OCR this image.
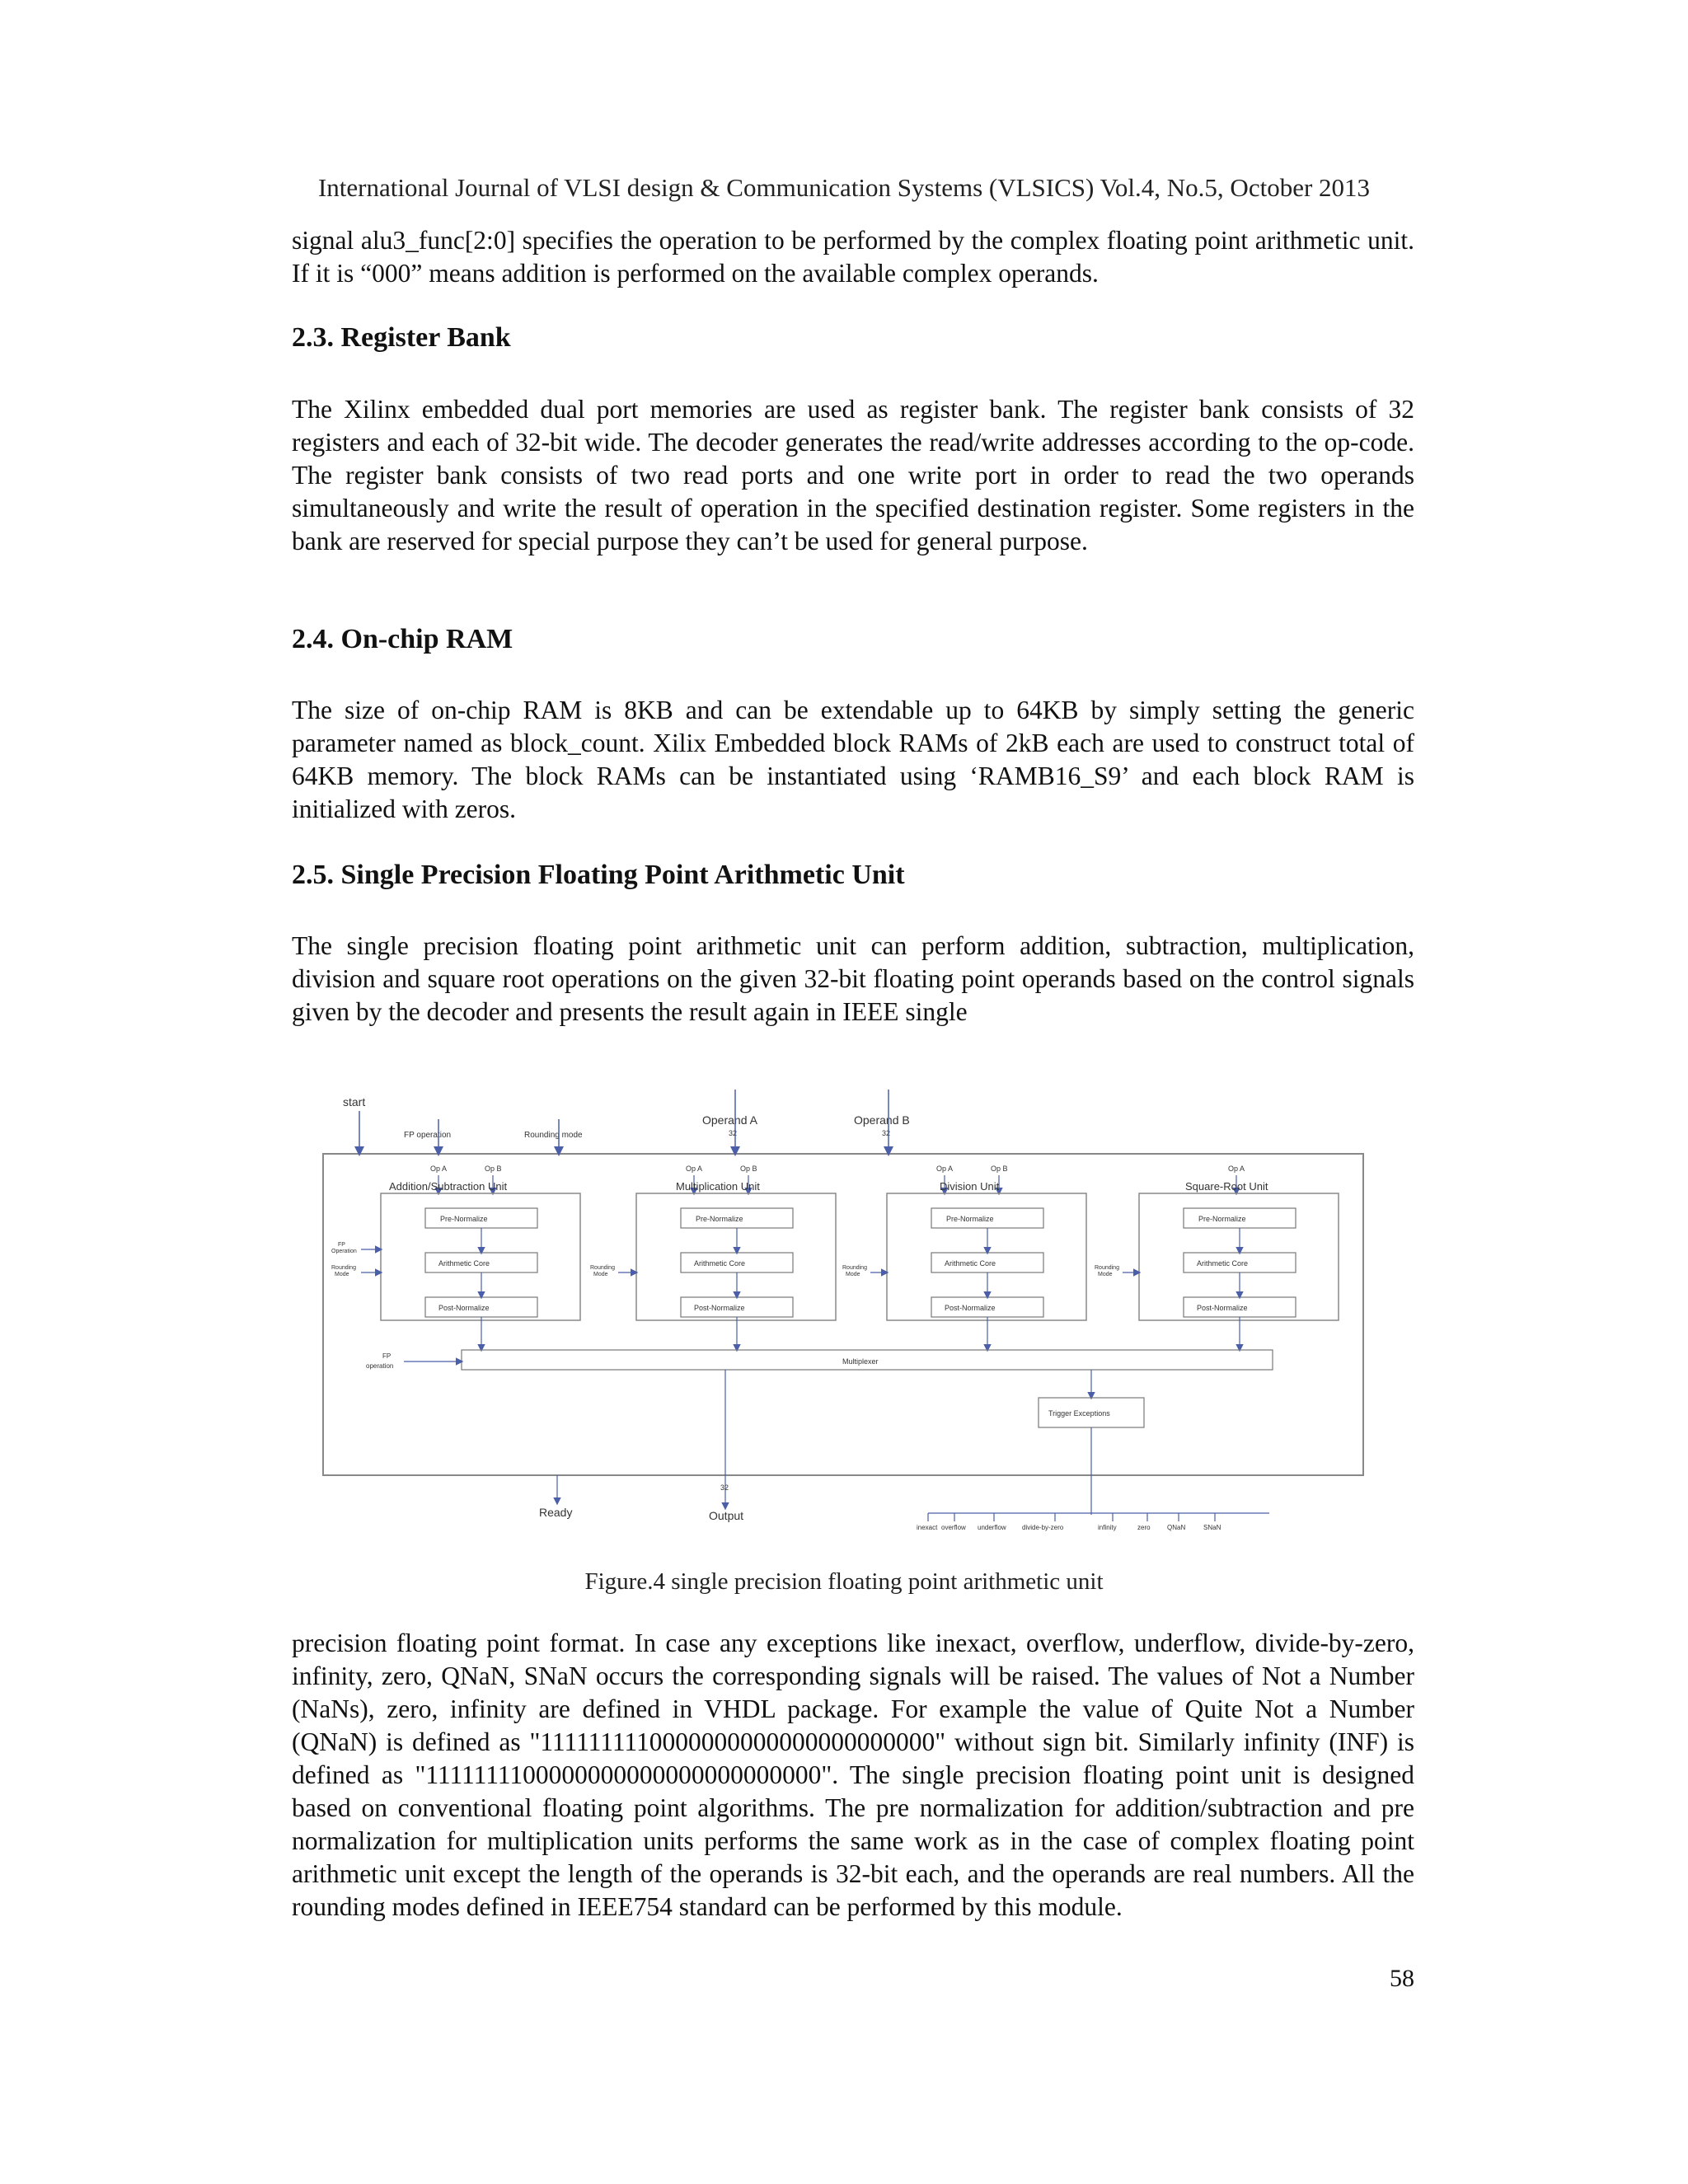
International Journal of VLSI design & Communication Systems (VLSICS) Vol.4, No.5, October 2013

signal alu3_func[2:0] specifies the operation to be performed by the complex floating point arithmetic unit. If it is “000” means addition is performed on the available complex operands.

2.3. Register Bank

The Xilinx embedded dual port memories are used as register bank. The register bank consists of 32 registers and each of 32-bit wide. The decoder generates the read/write addresses according to the op-code. The register bank consists of two read ports and one write port in order to read the two operands simultaneously and write the result of operation in the specified destination register. Some registers in the bank are reserved for special purpose they can’t be used for general purpose.

2.4. On-chip RAM

The size of on-chip RAM is 8KB and can be extendable up to 64KB by simply setting the generic parameter named as block_count. Xilix Embedded block RAMs of 2kB each are used to construct total of 64KB memory. The block RAMs can be instantiated using ‘RAMB16_S9’ and each block RAM is initialized with zeros.

2.5. Single Precision Floating Point Arithmetic Unit

The single precision floating point arithmetic unit can perform addition, subtraction, multiplication, division and square root operations on the given 32-bit floating point operands based on the control signals given by the decoder and presents the result again in IEEE single

start
FP operation	Rounding mode
Operand A
32
Operand B
32
Op A	Op B
Addition/Subtraction Unit
Pre-Normalize
Arithmetic Core
Post-Normalize
FP
Operation
Rounding
Mode
Op A	Op B
Multiplication Unit
Pre-Normalize
Arithmetic Core
Post-Normalize
Rounding
Mode
Op A	Op B
Division Unit
Pre-Normalize
Arithmetic Core
Post-Normalize
Rounding
Mode
Op A
Square-Root Unit
Pre-Normalize
Arithmetic Core
Post-Normalize
Rounding
Mode
Multiplexer
FP
operation
Trigger Exceptions
32
Output
Ready
inexact overflow underflow divide-by-zero	infinity	zero	QNaN	SNaN
Figure.4 single precision floating point arithmetic unit

precision floating point format. In case any exceptions like inexact, overflow, underflow, divide-by-zero, infinity, zero, QNaN, SNaN occurs the corresponding signals will be raised. The values of Not a Number (NaNs), zero, infinity are defined in VHDL package. For example the value of Quite Not a Number (QNaN) is defined as "1111111110000000000000000000000" without sign bit. Similarly infinity (INF) is defined as "1111111100000000000000000000000". The single precision floating point unit is designed based on conventional floating point algorithms. The pre normalization for addition/subtraction and pre normalization for multiplication units performs the same work as in the case of complex floating point arithmetic unit except the length of the operands is 32-bit each, and the operands are real numbers. All the rounding modes defined in IEEE754 standard can be performed by this module.

58
